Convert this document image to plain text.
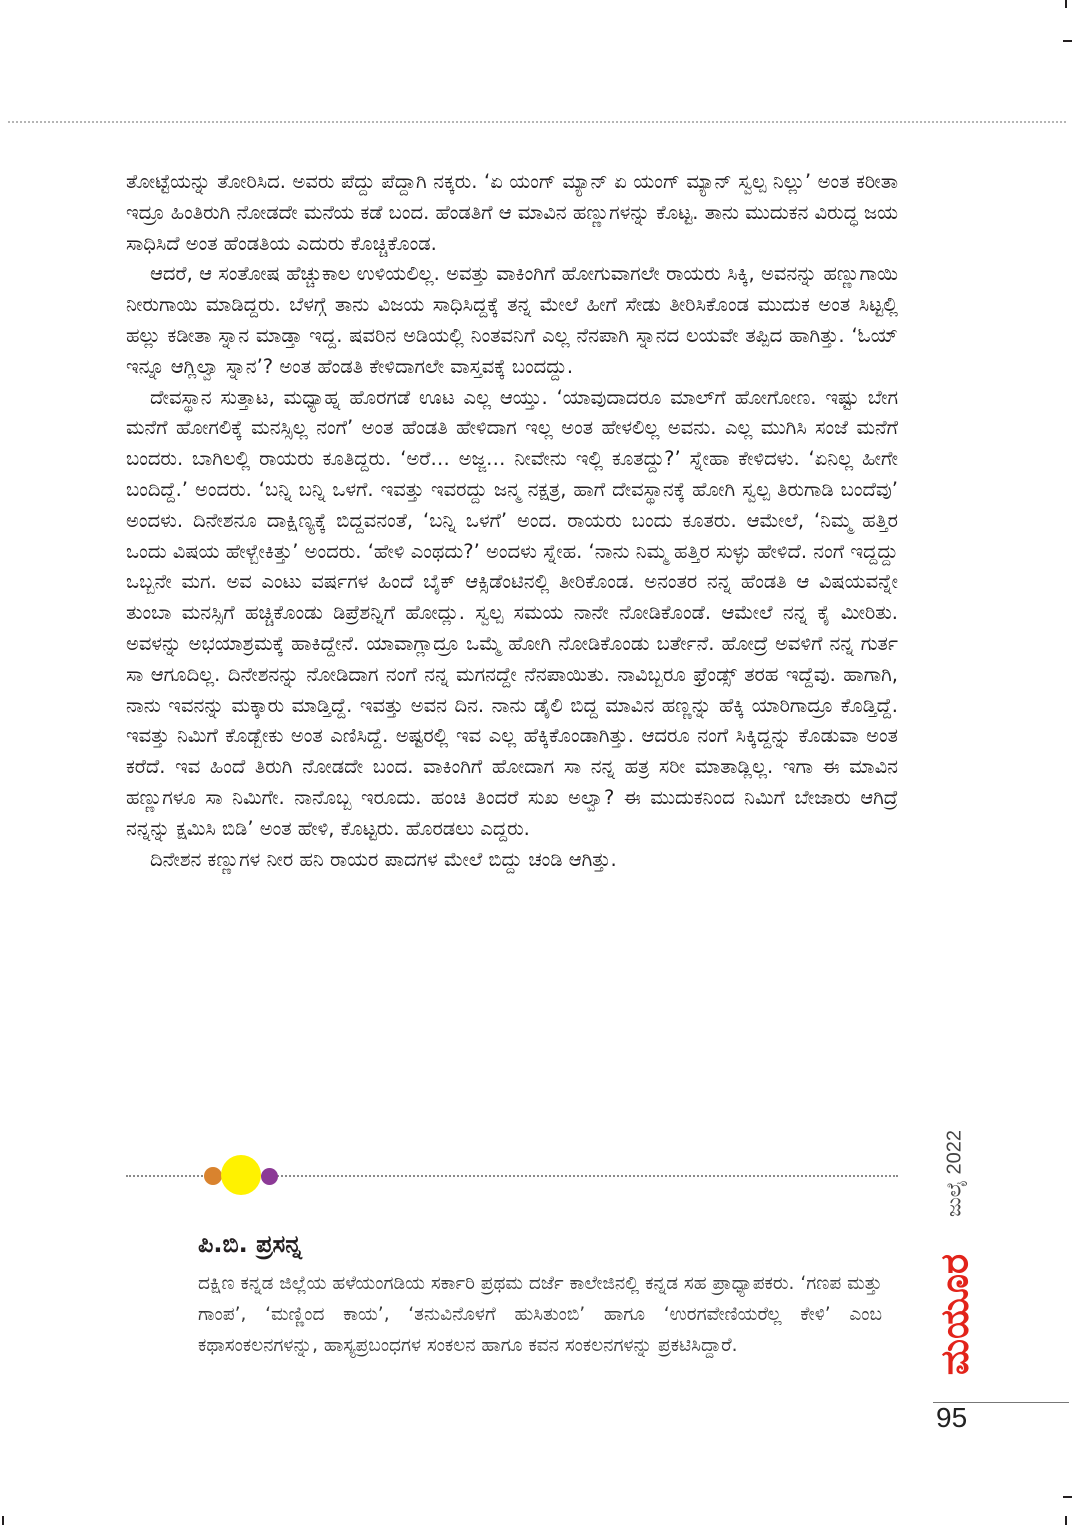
ತೋಟ್ಟೆಯನ್ನು ತೋರಿಸಿದ. ಅವರು ಪೆದ್ದು ಪೆದ್ದಾಗಿ ನಕ್ಕರು. ‘ಏ ಯಂಗ್ ಮ್ಯಾನ್ ಏ ಯಂಗ್ ಮ್ಯಾನ್ ಸ್ವಲ್ಪ ನಿಲ್ಲು’ ಅಂತ ಕರೀತಾ ಇದ್ರೂ ಹಿಂತಿರುಗಿ ನೋಡದೇ ಮನೆಯ ಕಡೆ ಬಂದ. ಹೆಂಡತಿಗೆ ಆ ಮಾವಿನ ಹಣ್ಣುಗಳನ್ನು ಕೊಟ್ಟ. ತಾನು ಮುದುಕನ ವಿರುದ್ಧ ಜಯ ಸಾಧಿಸಿದೆ ಅಂತ ಹೆಂಡತಿಯ ಎದುರು ಕೊಚ್ಚಿಕೊಂಡ.

ಆದರೆ, ಆ ಸಂತೋಷ ಹೆಚ್ಚುಕಾಲ ಉಳಿಯಲಿಲ್ಲ. ಅವತ್ತು ವಾಕಿಂಗಿಗೆ ಹೋಗುವಾಗಲೇ ರಾಯರು ಸಿಕ್ಕಿ, ಅವನನ್ನು ಹಣ್ಣುಗಾಯಿ ನೀರುಗಾಯಿ ಮಾಡಿದ್ದರು. ಬೆಳಗ್ಗೆ ತಾನು ವಿಜಯ ಸಾಧಿಸಿದ್ದಕ್ಕೆ ತನ್ನ ಮೇಲೆ ಹೀಗೆ ಸೇಡು ತೀರಿಸಿಕೊಂಡ ಮುದುಕ ಅಂತ ಸಿಟ್ಟಲ್ಲಿ ಹಲ್ಲು ಕಡೀತಾ ಸ್ನಾನ ಮಾಡ್ತಾ ಇದ್ದ. ಷವರಿನ ಅಡಿಯಲ್ಲಿ ನಿಂತವನಿಗೆ ಎಲ್ಲ ನೆನಪಾಗಿ ಸ್ನಾನದ ಲಯವೇ ತಪ್ಪಿದ ಹಾಗಿತ್ತು. ‘ಓಯ್ ಇನ್ನೂ ಆಗ್ಲಿಲ್ವಾ ಸ್ನಾನ’? ಅಂತ ಹೆಂಡತಿ ಕೇಳಿದಾಗಲೇ ವಾಸ್ತವಕ್ಕೆ ಬಂದದ್ದು.

ದೇವಸ್ಥಾನ ಸುತ್ತಾಟ, ಮಧ್ಯಾಹ್ನ ಹೊರಗಡೆ ಊಟ ಎಲ್ಲ ಆಯ್ತು. ‘ಯಾವುದಾದರೂ ಮಾಲ್‌ಗೆ ಹೋಗೋಣ. ಇಷ್ಟು ಬೇಗ ಮನೆಗೆ ಹೋಗಲಿಕ್ಕೆ ಮನಸ್ಸಿಲ್ಲ ನಂಗೆ’ ಅಂತ ಹೆಂಡತಿ ಹೇಳಿದಾಗ ಇಲ್ಲ ಅಂತ ಹೇಳಲಿಲ್ಲ ಅವನು. ಎಲ್ಲ ಮುಗಿಸಿ ಸಂಜೆ ಮನೆಗೆ ಬಂದರು. ಬಾಗಿಲಲ್ಲಿ ರಾಯರು ಕೂತಿದ್ದರು. ‘ಅರೆ… ಅಜ್ಜ… ನೀವೇನು ಇಲ್ಲಿ ಕೂತದ್ದು?’ ಸ್ನೇಹಾ ಕೇಳಿದಳು. ‘ಏನಿಲ್ಲ ಹೀಗೇ ಬಂದಿದ್ದೆ.’ ಅಂದರು. ‘ಬನ್ನಿ ಬನ್ನಿ ಒಳಗೆ. ಇವತ್ತು ಇವರದ್ದು ಜನ್ಮ ನಕ್ಷತ್ರ, ಹಾಗೆ ದೇವಸ್ಥಾನಕ್ಕೆ ಹೋಗಿ ಸ್ವಲ್ಪ ತಿರುಗಾಡಿ ಬಂದೆವು’ ಅಂದಳು. ದಿನೇಶನೂ ದಾಕ್ಷಿಣ್ಯಕ್ಕೆ ಬಿದ್ದವನಂತೆ, ‘ಬನ್ನಿ ಒಳಗೆ’ ಅಂದ. ರಾಯರು ಬಂದು ಕೂತರು. ಆಮೇಲೆ, ‘ನಿಮ್ಮ ಹತ್ತಿರ ಒಂದು ವಿಷಯ ಹೇಳ್ಬೇಕಿತ್ತು’ ಅಂದರು. ‘ಹೇಳಿ ಎಂಥದು?’ ಅಂದಳು ಸ್ನೇಹ. ‘ನಾನು ನಿಮ್ಮ ಹತ್ತಿರ ಸುಳ್ಳು ಹೇಳಿದೆ. ನಂಗೆ ಇದ್ದದ್ದು ಒಬ್ಬನೇ ಮಗ. ಅವ ಎಂಟು ವರ್ಷಗಳ ಹಿಂದೆ ಬೈಕ್ ಆಕ್ಸಿಡೆಂಟಿನಲ್ಲಿ ತೀರಿಕೊಂಡ. ಅನಂತರ ನನ್ನ ಹೆಂಡತಿ ಆ ವಿಷಯವನ್ನೇ ತುಂಬಾ ಮನಸ್ಸಿಗೆ ಹಚ್ಚಿಕೊಂಡು ಡಿಪ್ರೆಶನ್ನಿಗೆ ಹೋದ್ಲು. ಸ್ವಲ್ಪ ಸಮಯ ನಾನೇ ನೋಡಿಕೊಂಡೆ. ಆಮೇಲೆ ನನ್ನ ಕೈ ಮೀರಿತು. ಅವಳನ್ನು ಅಭಯಾಶ್ರಮಕ್ಕೆ ಹಾಕಿದ್ದೇನೆ. ಯಾವಾಗ್ಲಾದ್ರೂ ಒಮ್ಮೆ ಹೋಗಿ ನೋಡಿಕೊಂಡು ಬರ್ತೇನೆ. ಹೋದ್ರೆ ಅವಳಿಗೆ ನನ್ನ ಗುರ್ತ ಸಾ ಆಗೂದಿಲ್ಲ. ದಿನೇಶನನ್ನು ನೋಡಿದಾಗ ನಂಗೆ ನನ್ನ ಮಗನದ್ದೇ ನೆನಪಾಯಿತು. ನಾವಿಬ್ಬರೂ ಫ್ರೆಂಡ್ಸ್ ತರಹ ಇದ್ದೆವು. ಹಾಗಾಗಿ, ನಾನು ಇವನನ್ನು ಮಕ್ಕಾರು ಮಾಡ್ತಿದ್ದೆ. ಇವತ್ತು ಅವನ ದಿನ. ನಾನು ಡೈಲಿ ಬಿದ್ದ ಮಾವಿನ ಹಣ್ಣನ್ನು ಹೆಕ್ಕಿ ಯಾರಿಗಾದ್ರೂ ಕೊಡ್ತಿದ್ದೆ. ಇವತ್ತು ನಿಮಿಗೆ ಕೊಡ್ಬೇಕು ಅಂತ ಎಣಿಸಿದ್ದೆ. ಅಷ್ಟರಲ್ಲಿ ಇವ ಎಲ್ಲ ಹೆಕ್ಕಿಕೊಂಡಾಗಿತ್ತು. ಆದರೂ ನಂಗೆ ಸಿಕ್ಕಿದ್ದನ್ನು ಕೊಡುವಾ ಅಂತ ಕರೆದೆ. ಇವ ಹಿಂದೆ ತಿರುಗಿ ನೋಡದೇ ಬಂದ. ವಾಕಿಂಗಿಗೆ ಹೋದಾಗ ಸಾ ನನ್ನ ಹತ್ರ ಸರೀ ಮಾತಾಡ್ಲಿಲ್ಲ. ಇಗಾ ಈ ಮಾವಿನ ಹಣ್ಣುಗಳೂ ಸಾ ನಿಮಿಗೇ. ನಾನೊಬ್ಬ ಇರೂದು. ಹಂಚಿ ತಿಂದರೆ ಸುಖ ಅಲ್ವಾ? ಈ ಮುದುಕನಿಂದ ನಿಮಿಗೆ ಬೇಜಾರು ಆಗಿದ್ರೆ ನನ್ನನ್ನು ಕ್ಷಮಿಸಿ ಬಿಡಿ’ ಅಂತ ಹೇಳಿ, ಕೊಟ್ಟರು. ಹೊರಡಲು ಎದ್ದರು.

ದಿನೇಶನ ಕಣ್ಣುಗಳ ನೀರ ಹನಿ ರಾಯರ ಪಾದಗಳ ಮೇಲೆ ಬಿದ್ದು ಚಂಡಿ ಆಗಿತ್ತು.

ಪಿ.ಬಿ. ಪ್ರಸನ್ನ
ದಕ್ಷಿಣ ಕನ್ನಡ ಜಿಲ್ಲೆಯ ಹಳೆಯಂಗಡಿಯ ಸರ್ಕಾರಿ ಪ್ರಥಮ ದರ್ಜೆ ಕಾಲೇಜಿನಲ್ಲಿ ಕನ್ನಡ ಸಹ ಪ್ರಾಧ್ಯಾಪಕರು. ‘ಗಣಪ ಮತ್ತು ಗಾಂಪ’, ‘ಮಣ್ಣಿಂದ ಕಾಯ’, ‘ತನುವಿನೊಳಗೆ ಹುಸಿತುಂಬಿ’ ಹಾಗೂ ‘ಉರಗವೇಣಿಯರೆಲ್ಲ ಕೇಳಿ’ ಎಂಬ ಕಥಾಸಂಕಲನಗಳನ್ನು, ಹಾಸ್ಯಪ್ರಬಂಧಗಳ ಸಂಕಲನ ಹಾಗೂ ಕವನ ಸಂಕಲನಗಳನ್ನು ಪ್ರಕಟಿಸಿದ್ದಾರೆ.
ಜುಲೈ 2022
ಮಯೂರ
95
